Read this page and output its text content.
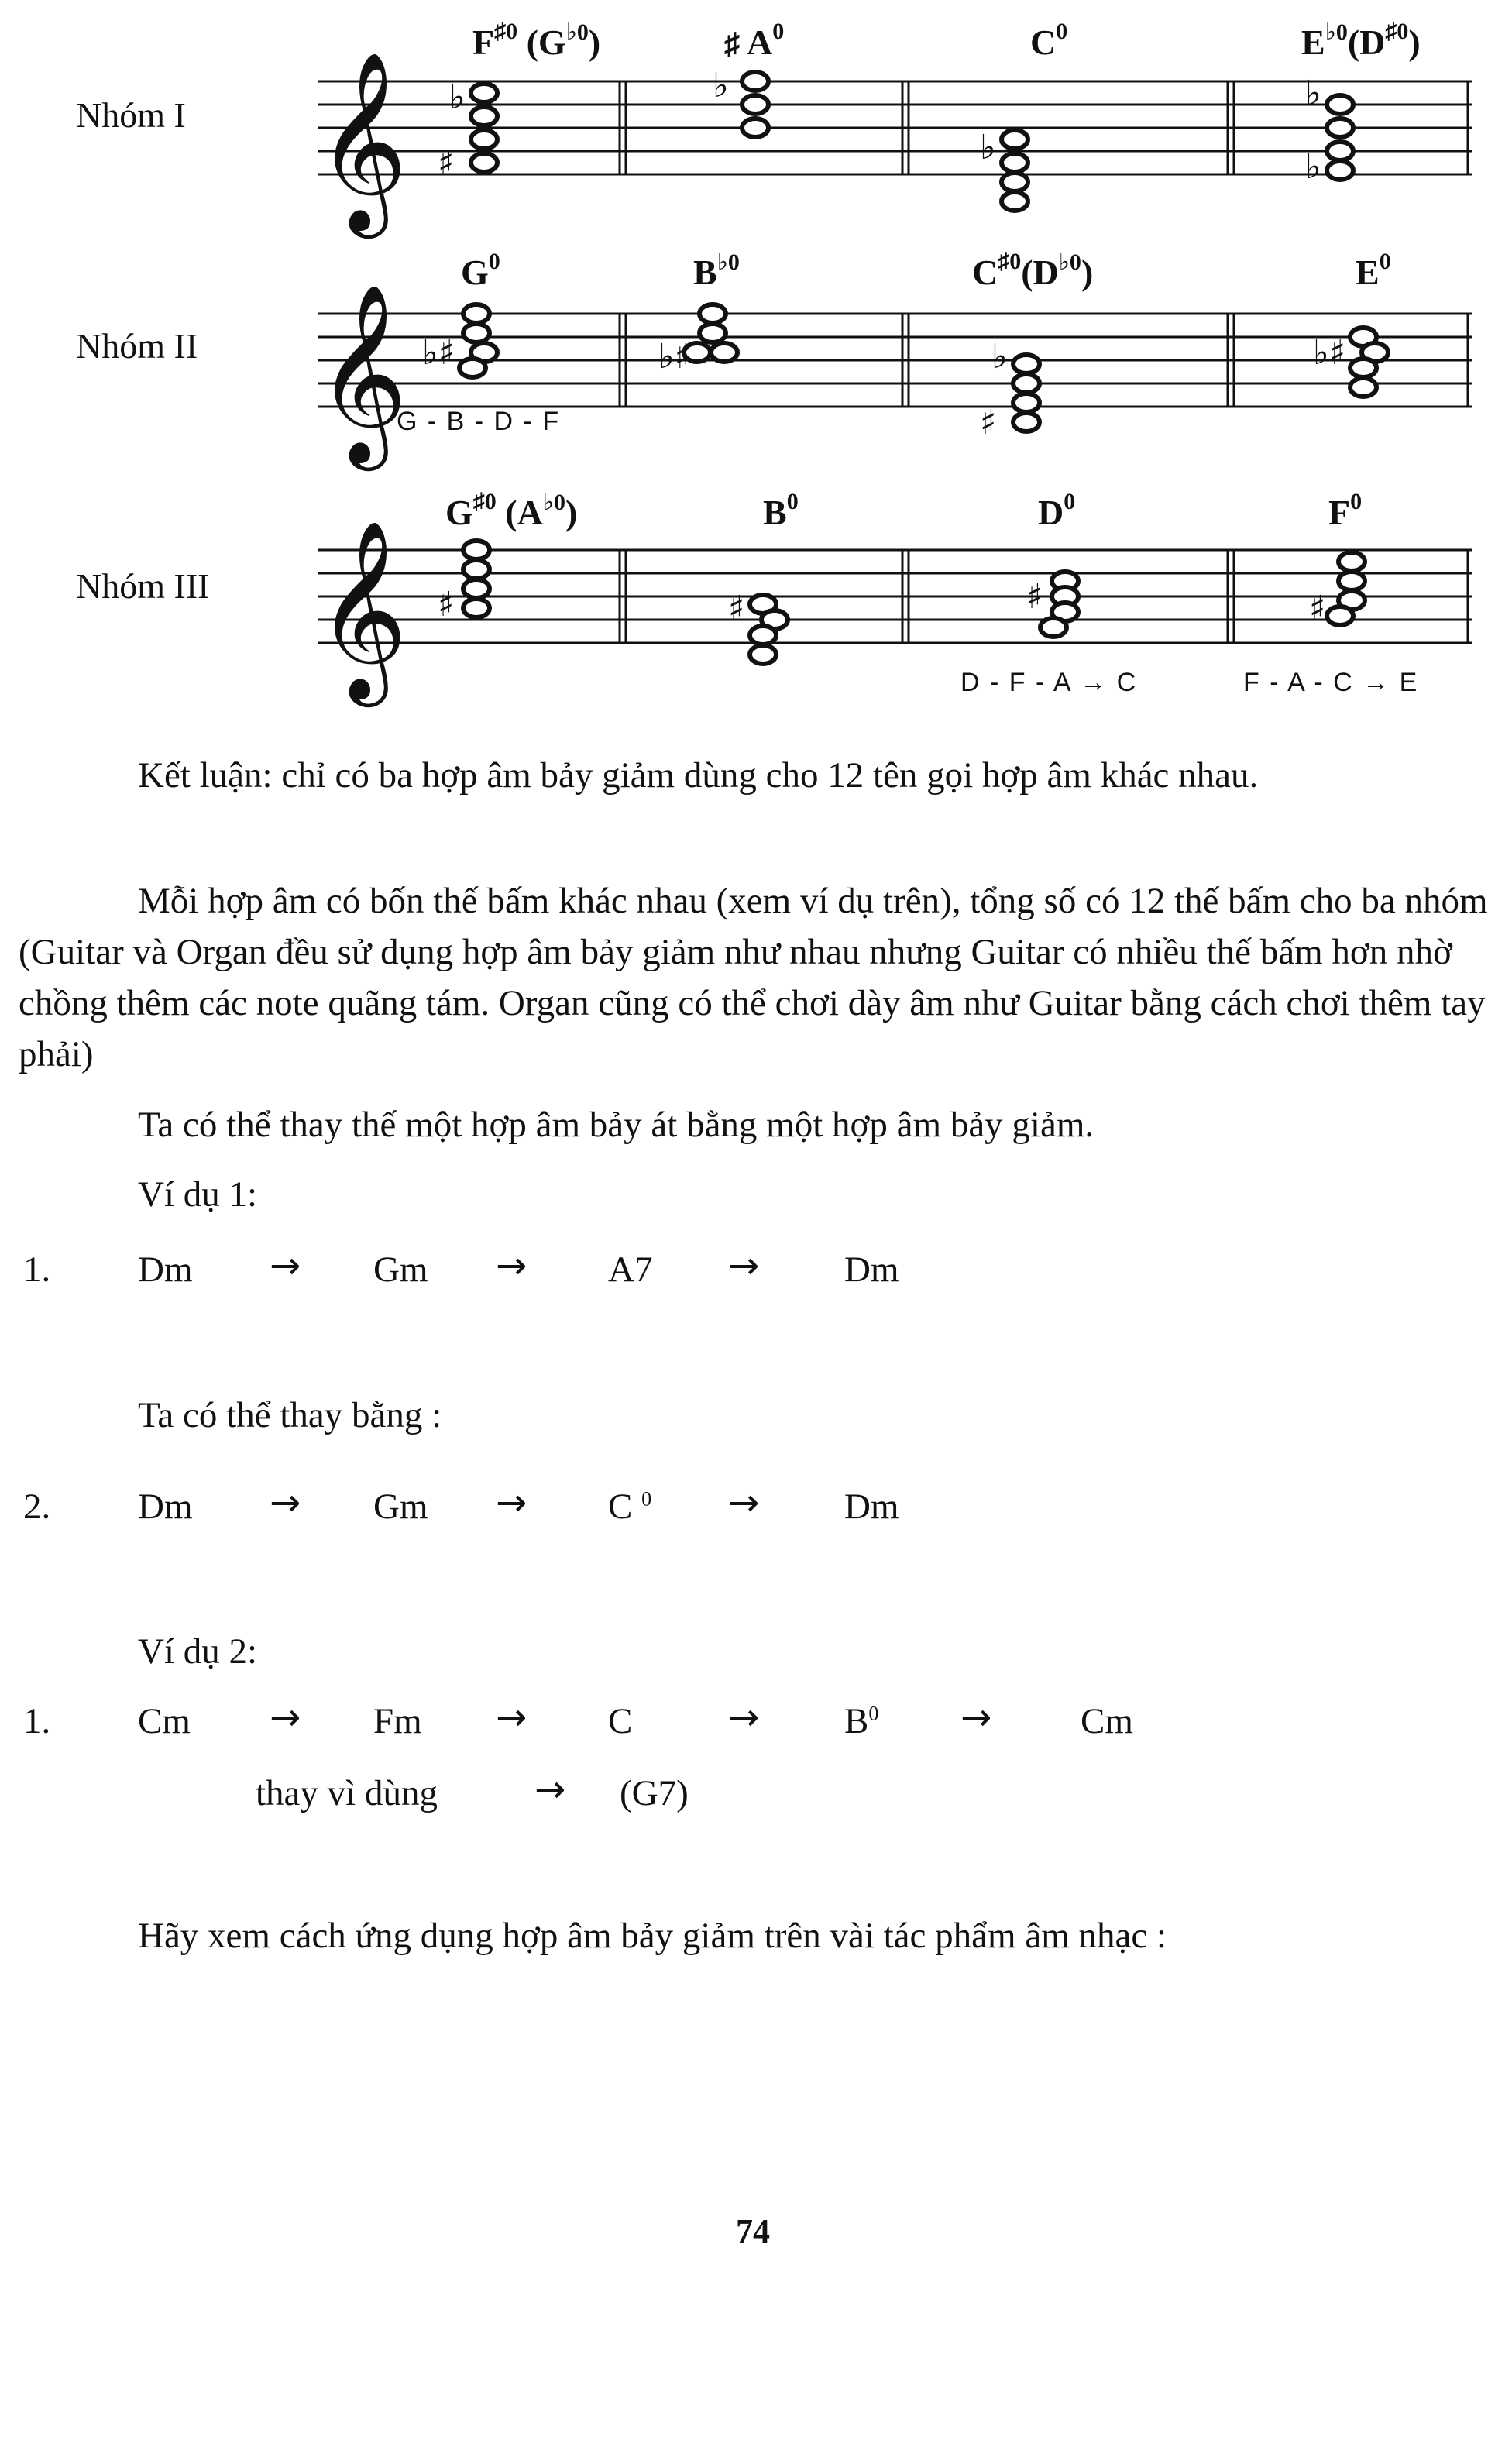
Nhóm I
$F^{♯0}$ $(G^{♭0})$	♯ $A^0$	$C^0$	$E^{♭0}(D^{♯0})$
𝄞 ♭
♯
♭
♭
♭
♭
Nhóm II
$G^0$	$B^{♭0}$	$C^{♯0}(D^{♭0})$	$E^0$
𝄞 ♭♯	♭♯	♭
♯
♭♯
G - B - D - F
Nhóm III
$G^{♯0}$ $(A^{♭0})$	$B^0$	$D^0$	$F^0$
𝄞 ♯	♯	♯	♯
D - F - A → C	F - A - C → E

Kết luận: chỉ có ba hợp âm bảy giảm dùng cho 12 tên gọi hợp âm khác nhau.

Mỗi hợp âm có bốn thế bấm khác nhau (xem ví dụ trên), tổng số có 12 thế bấm cho ba nhóm (Guitar và Organ đều sử dụng hợp âm bảy giảm như nhau nhưng Guitar có nhiều thế bấm hơn nhờ chồng thêm các note quãng tám. Organ cũng có thể chơi dày âm như Guitar bằng cách chơi thêm tay phải)

Ta có thể thay thế một hợp âm bảy át bằng một hợp âm bảy giảm.
Ví dụ 1:
1. Dm → Gm → A7 → Dm
Ta có thể thay bằng :
2. Dm → Gm → C $^0$ → Dm
Ví dụ 2:
1. Cm → Fm → C	→ $B^0 \to Cm$
thay vì dùng	→ (G7)
Hãy xem cách ứng dụng hợp âm bảy giảm trên vài tác phẩm âm nhạc :
74
